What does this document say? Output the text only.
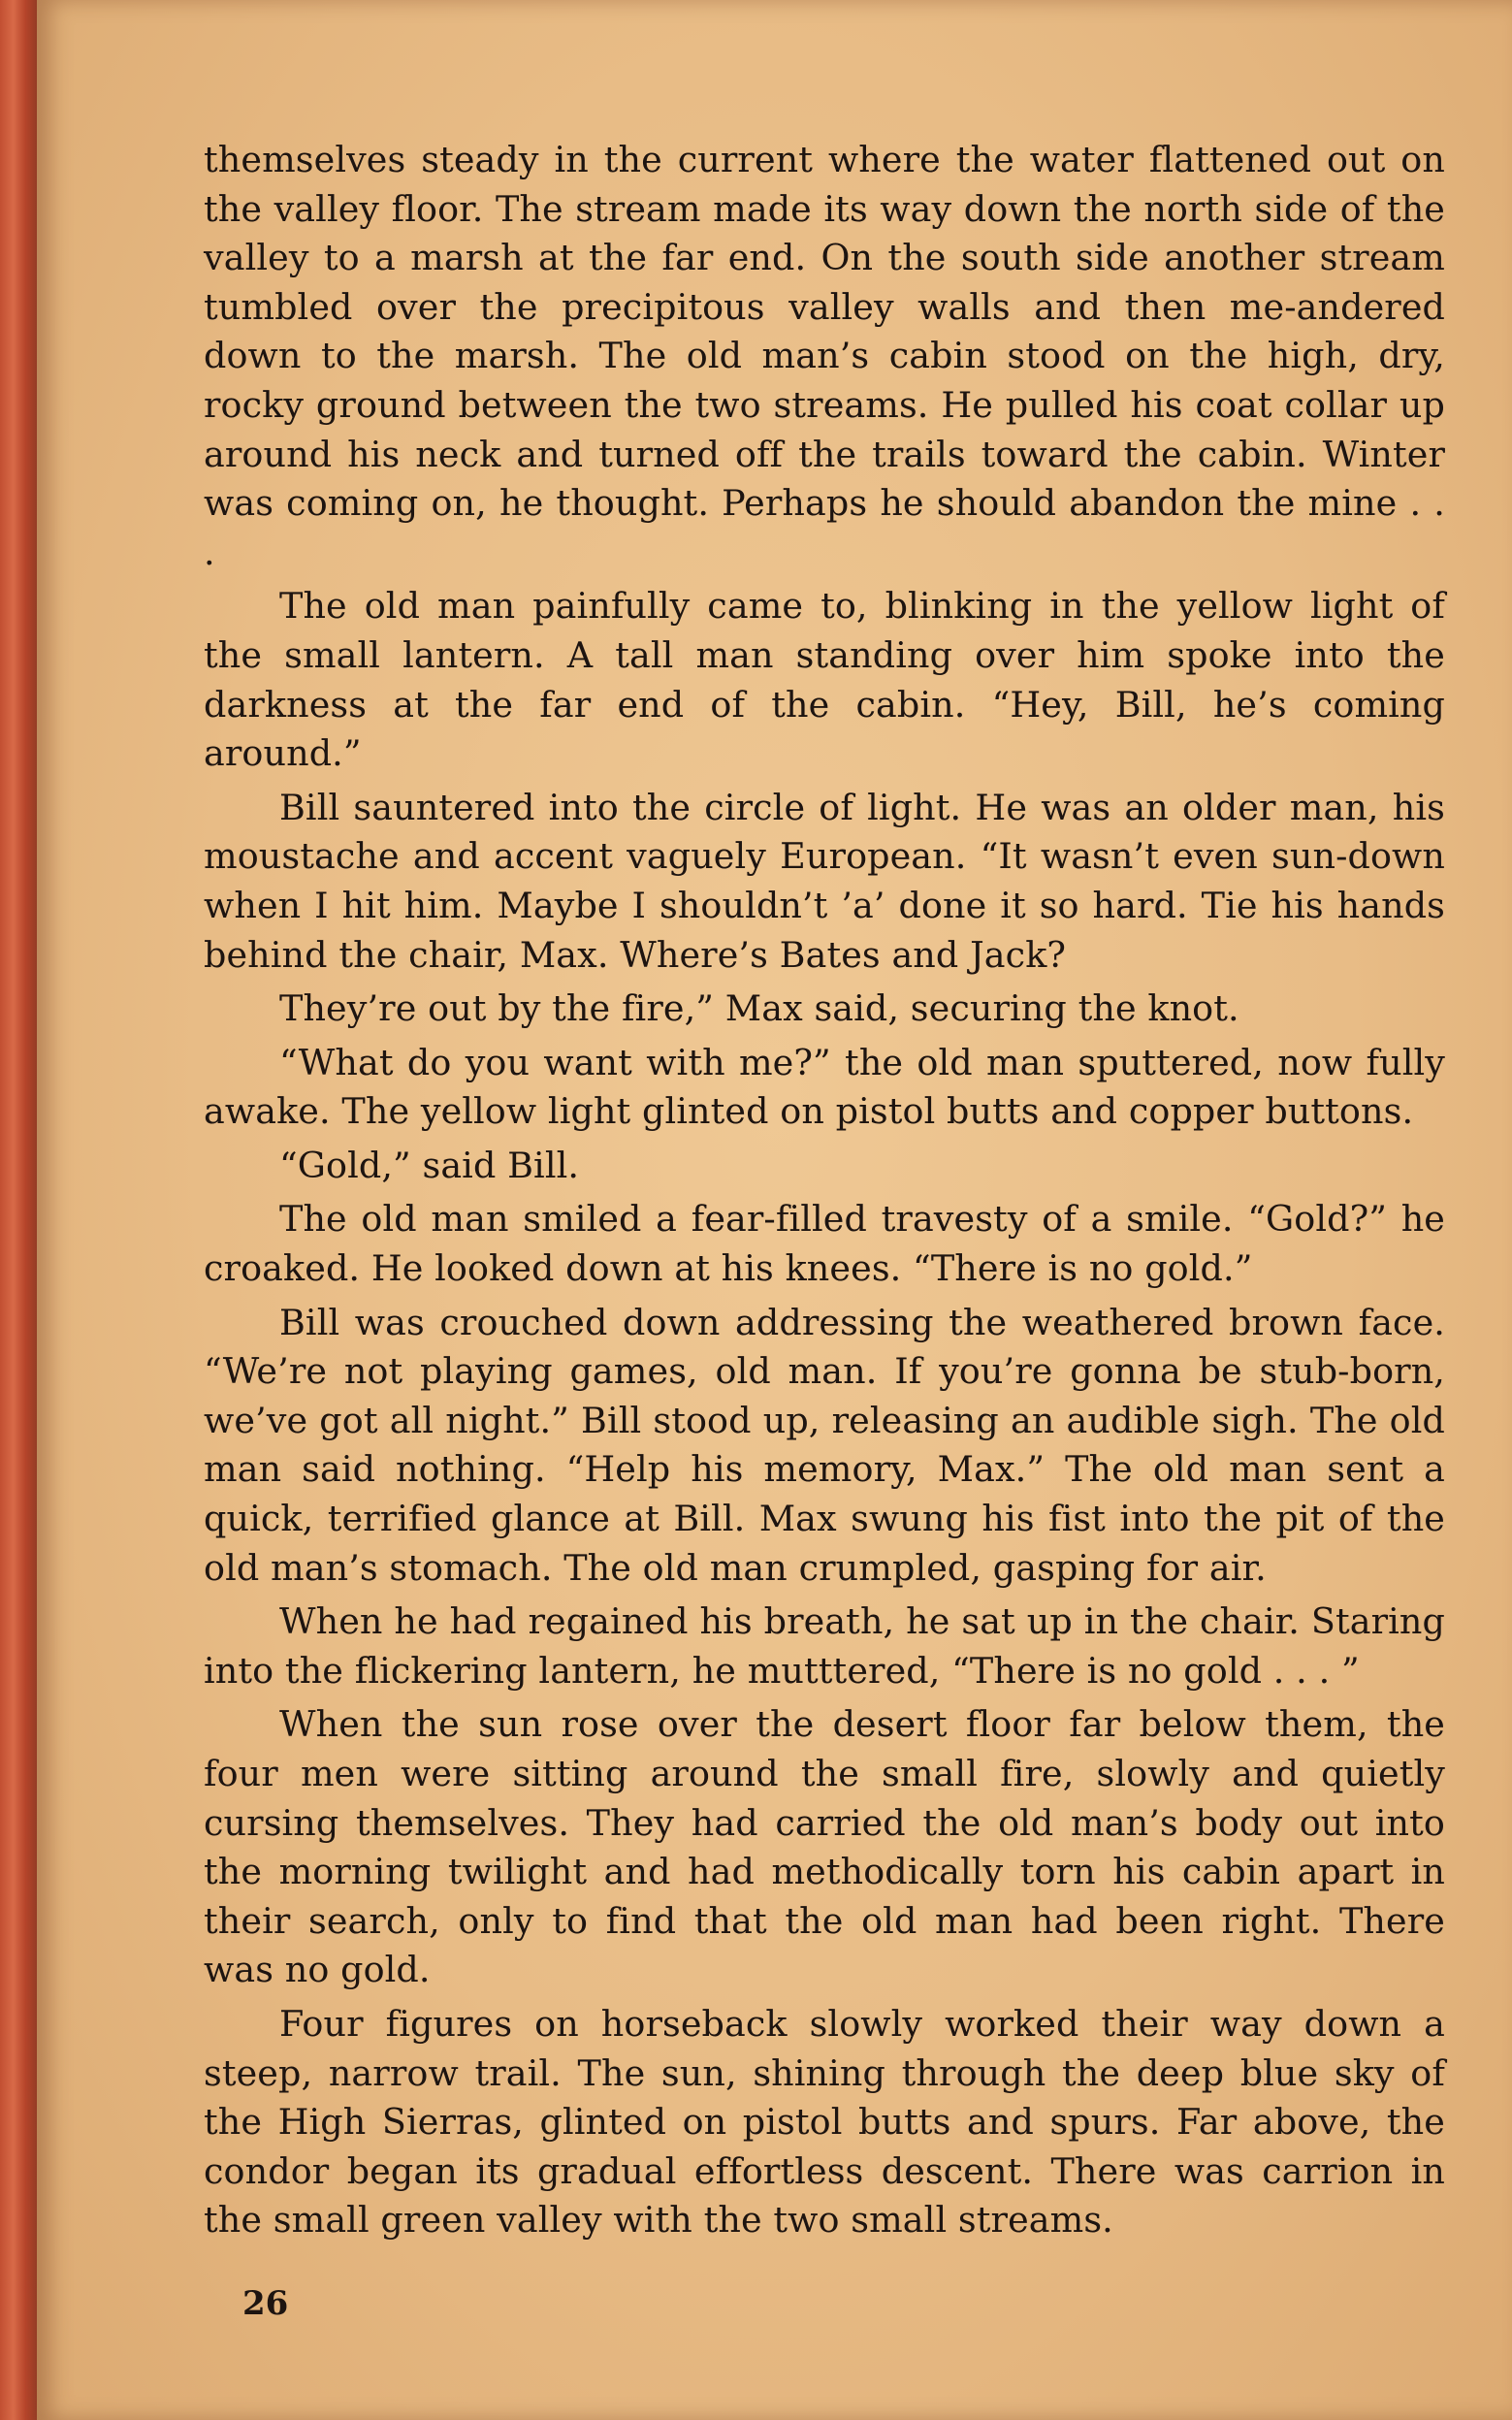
themselves steady in the current where the water flattened out on the valley floor. The stream made its way down the north side of the valley to a marsh at the far end. On the south side another stream tumbled over the precipitous valley walls and then me-andered down to the marsh. The old man’s cabin stood on the high, dry, rocky ground between the two streams. He pulled his coat collar up around his neck and turned off the trails toward the cabin. Winter was coming on, he thought. Perhaps he should abandon the mine . . .

The old man painfully came to, blinking in the yellow light of the small lantern. A tall man standing over him spoke into the darkness at the far end of the cabin. “Hey, Bill, he’s coming around.”

Bill sauntered into the circle of light. He was an older man, his moustache and accent vaguely European. “It wasn’t even sun-down when I hit him. Maybe I shouldn’t ’a’ done it so hard. Tie his hands behind the chair, Max. Where’s Bates and Jack?

They’re out by the fire,” Max said, securing the knot.

“What do you want with me?” the old man sputtered, now fully awake. The yellow light glinted on pistol butts and copper buttons.

“Gold,” said Bill.

The old man smiled a fear-filled travesty of a smile. “Gold?” he croaked. He looked down at his knees. “There is no gold.”

Bill was crouched down addressing the weathered brown face. “We’re not playing games, old man. If you’re gonna be stub-born, we’ve got all night.” Bill stood up, releasing an audible sigh. The old man said nothing. “Help his memory, Max.” The old man sent a quick, terrified glance at Bill. Max swung his fist into the pit of the old man’s stomach. The old man crumpled, gasping for air.

When he had regained his breath, he sat up in the chair. Staring into the flickering lantern, he mutttered, “There is no gold . . . ”

When the sun rose over the desert floor far below them, the four men were sitting around the small fire, slowly and quietly cursing themselves. They had carried the old man’s body out into the morning twilight and had methodically torn his cabin apart in their search, only to find that the old man had been right. There was no gold.

Four figures on horseback slowly worked their way down a steep, narrow trail. The sun, shining through the deep blue sky of the High Sierras, glinted on pistol butts and spurs. Far above, the condor began its gradual effortless descent. There was carrion in the small green valley with the two small streams.

26
